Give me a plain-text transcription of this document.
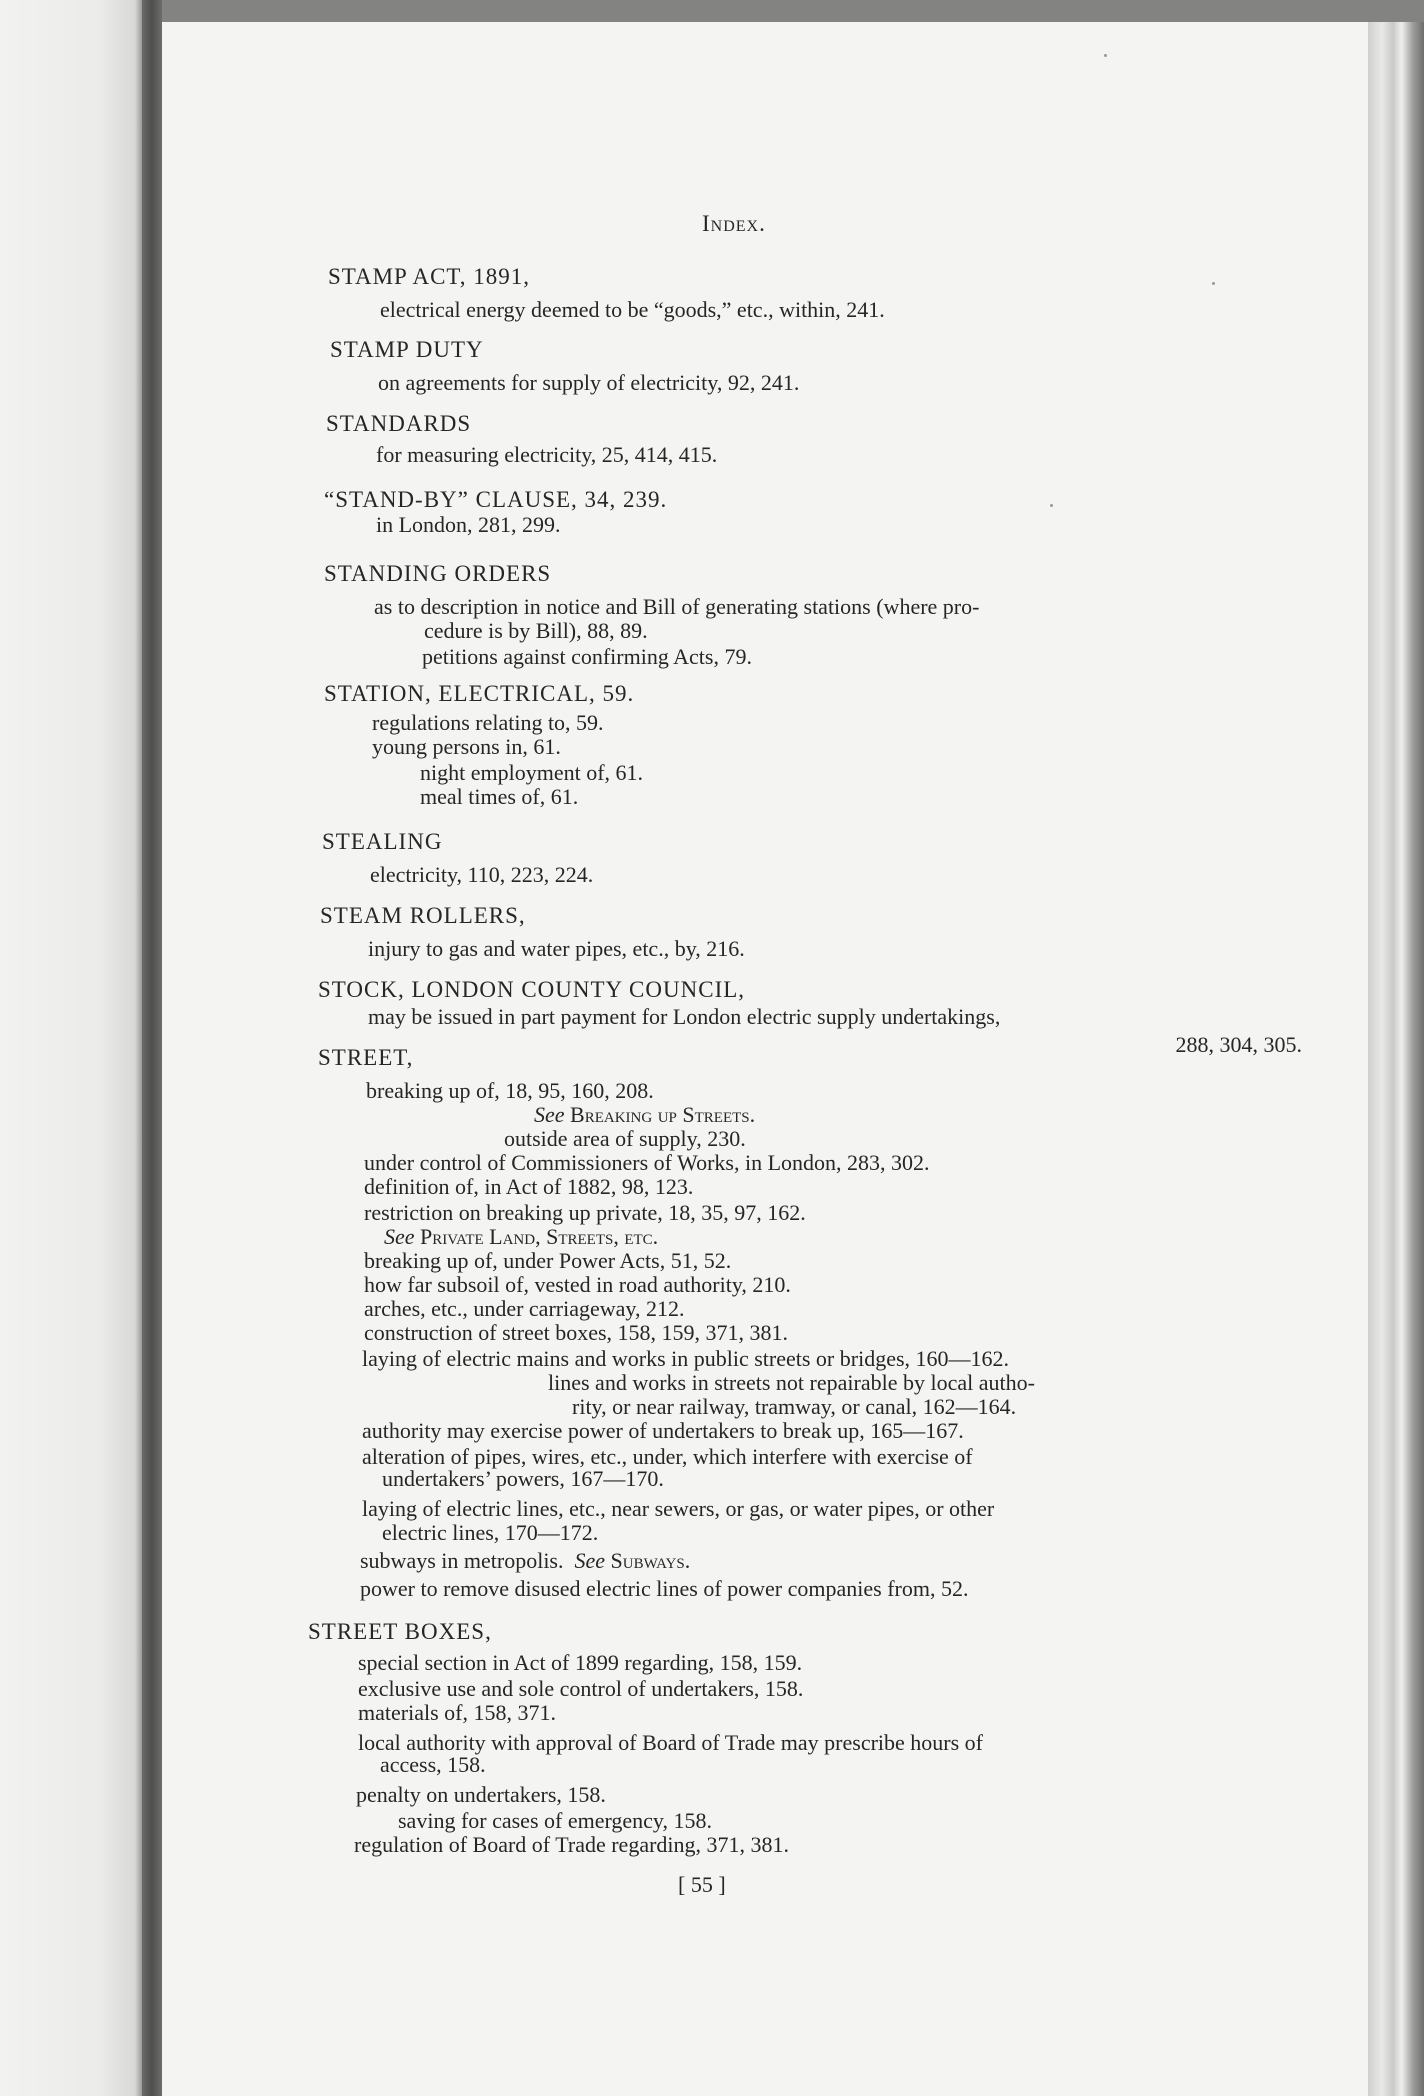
Index.
STAMP ACT, 1891,
electrical energy deemed to be “goods,” etc., within, 241.
STAMP DUTY
on agreements for supply of electricity, 92, 241.
STANDARDS
for measuring electricity, 25, 414, 415.
“STAND-BY” CLAUSE, 34, 239.
in London, 281, 299.
STANDING ORDERS
as to description in notice and Bill of generating stations (where pro-
cedure is by Bill), 88, 89.
petitions against confirming Acts, 79.
STATION, ELECTRICAL, 59.
regulations relating to, 59.
young persons in, 61.
night employment of, 61.
meal times of, 61.
STEALING
electricity, 110, 223, 224.
STEAM ROLLERS,
injury to gas and water pipes, etc., by, 216.
STOCK, LONDON COUNTY COUNCIL,
may be issued in part payment for London electric supply undertakings,
288, 304, 305.
STREET,
breaking up of, 18, 95, 160, 208.
See Breaking up Streets.
outside area of supply, 230.
under control of Commissioners of Works, in London, 283, 302.
definition of, in Act of 1882, 98, 123.
restriction on breaking up private, 18, 35, 97, 162.
See Private Land, Streets, etc.
breaking up of, under Power Acts, 51, 52.
how far subsoil of, vested in road authority, 210.
arches, etc., under carriageway, 212.
construction of street boxes, 158, 159, 371, 381.
laying of electric mains and works in public streets or bridges, 160—162.
lines and works in streets not repairable by local autho-
rity, or near railway, tramway, or canal, 162—164.
authority may exercise power of undertakers to break up, 165—167.
alteration of pipes, wires, etc., under, which interfere with exercise of
undertakers’ powers, 167—170.
laying of electric lines, etc., near sewers, or gas, or water pipes, or other
electric lines, 170—172.
subways in metropolis. See Subways.
power to remove disused electric lines of power companies from, 52.
STREET BOXES,
special section in Act of 1899 regarding, 158, 159.
exclusive use and sole control of undertakers, 158.
materials of, 158, 371.
local authority with approval of Board of Trade may prescribe hours of
access, 158.
penalty on undertakers, 158.
saving for cases of emergency, 158.
regulation of Board of Trade regarding, 371, 381.
[ 55 ]
